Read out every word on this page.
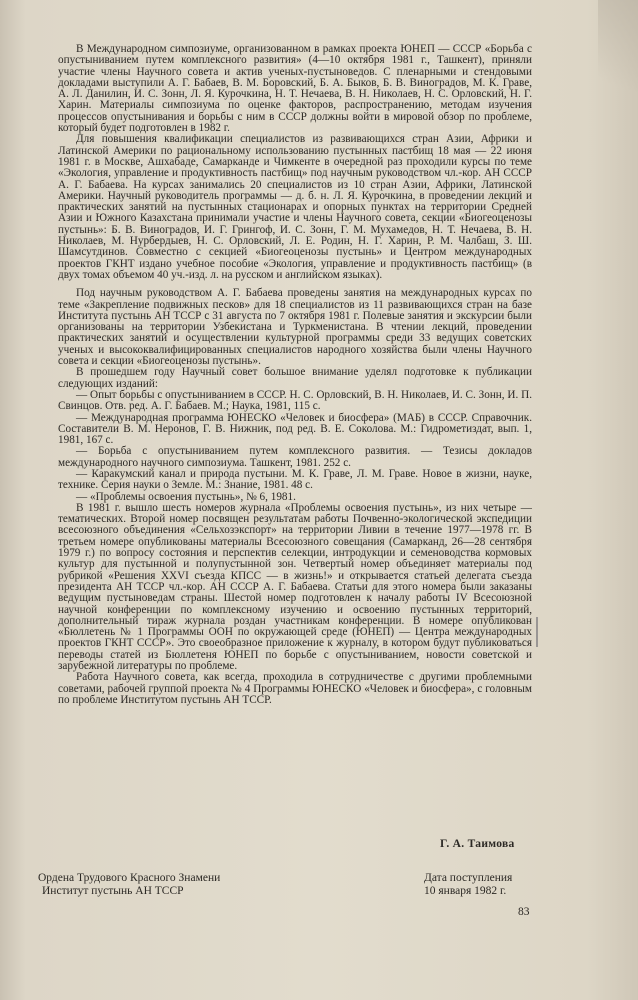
В Международном симпозиуме, организованном в рамках проекта ЮНЕП — СССР «Борьба с опустыниванием путем комплексного развития» (4—10 октября 1981 г., Ташкент), приняли участие члены Научного совета и актив ученых-пустыноведов. С пленарными и стендовыми докладами выступили А. Г. Бабаев, В. М. Боровский, Б. А. Быков, Б. В. Виноградов, М. К. Граве, А. Л. Данилин, И. С. Зонн, Л. Я. Курочкина, Н. Т. Нечаева, В. Н. Николаев, Н. С. Орловский, Н. Г. Харин. Материалы симпозиума по оценке факторов, распространению, методам изучения процессов опустынивания и борьбы с ним в СССР должны войти в мировой обзор по проблеме, который будет подготовлен в 1982 г.

Для повышения квалификации специалистов из развивающихся стран Азии, Африки и Латинской Америки по рациональному использованию пустынных пастбищ 18 мая — 22 июня 1981 г. в Москве, Ашхабаде, Самарканде и Чимкенте в очередной раз проходили курсы по теме «Экология, управление и продуктивность пастбищ» под научным руководством чл.-кор. АН СССР А. Г. Бабаева. На курсах занимались 20 специалистов из 10 стран Азии, Африки, Латинской Америки. Научный руководитель программы — д. б. н. Л. Я. Курочкина, в проведении лекций и практических занятий на пустынных стационарах и опорных пунктах на территории Средней Азии и Южного Казахстана принимали участие и члены Научного совета, секции «Биогеоценозы пустынь»: Б. В. Виноградов, И. Г. Грингоф, И. С. Зонн, Г. М. Мухамедов, Н. Т. Нечаева, В. Н. Николаев, М. Нурбердыев, Н. С. Орловский, Л. Е. Родин, Н. Г. Харин, Р. М. Чалбаш, З. Ш. Шамсутдинов. Совместно с секцией «Биогеоценозы пустынь» и Центром международных проектов ГКНТ издано учебное пособие «Экология, управление и продуктивность пастбищ» (в двух томах объемом 40 уч.-изд. л. на русском и английском языках).

Под научным руководством А. Г. Бабаева проведены занятия на международных курсах по теме «Закрепление подвижных песков» для 18 специалистов из 11 развивающихся стран на базе Института пустынь АН ТССР с 31 августа по 7 октября 1981 г. Полевые занятия и экскурсии были организованы на территории Узбекистана и Туркменистана. В чтении лекций, проведении практических занятий и осуществлении культурной программы среди 33 ведущих советских ученых и высококвалифицированных специалистов народного хозяйства были члены Научного совета и секции «Биогеоценозы пустынь».

В прошедшем году Научный совет большое внимание уделял подготовке к публикации следующих изданий:

— Опыт борьбы с опустыниванием в СССР. Н. С. Орловский, В. Н. Николаев, И. С. Зонн, И. П. Свинцов. Отв. ред. А. Г. Бабаев. М.; Наука, 1981, 115 с.
— Международная программа ЮНЕСКО «Человек и биосфера» (МАБ) в СССР. Справочник. Составители В. М. Неронов, Г. В. Нижник, под ред. В. Е. Соколова. М.: Гидрометиздат, вып. 1, 1981, 167 с.
— Борьба с опустыниванием путем комплексного развития. — Тезисы докладов международного научного симпозиума. Ташкент, 1981. 252 с.
— Каракумский канал и природа пустыни. М. К. Грaве, Л. М. Грaве. Новое в жизни, науке, технике. Серия науки о Земле. М.: Знание, 1981. 48 с.
— «Проблемы освоения пустынь», № 6, 1981.

В 1981 г. вышло шесть номеров журнала «Проблемы освоения пустынь», из них четыре — тематических. Второй номер посвящен результатам работы Почвенно-экологической экспедиции всесоюзного объединения «Сельхозэкспорт» на территории Ливии в течение 1977—1978 гг. В третьем номере опубликованы материалы Всесоюзного совещания (Самарканд, 26—28 сентября 1979 г.) по вопросу состояния и перспектив селекции, интродукции и семеноводства кормовых культур для пустынной и полупустынной зон. Четвертый номер объединяет материалы под рубрикой «Решения XXVI съезда КПСС — в жизнь!» и открывается статьей делегата съезда президента АН ТССР чл.-кор. АН СССР А. Г. Бабаева. Статьи для этого номера были заказаны ведущим пустыноведам страны. Шестой номер подготовлен к началу работы IV Всесоюзной научной конференции по комплексному изучению и освоению пустынных территорий, дополнительный тираж журнала роздан участникам конференции. В номере опубликован «Бюллетень № 1 Программы ООН по окружающей среде (ЮНЕП) — Центра международных проектов ГКНТ СССР». Это своеобразное приложение к журналу, в котором будут публиковаться переводы статей из Бюллетеня ЮНЕП по борьбе с опустыниванием, новости советской и зарубежной литературы по проблеме.

Работа Научного совета, как всегда, проходила в сотрудничестве с другими проблемными советами, рабочей группой проекта № 4 Программы ЮНЕСКО «Человек и биосфера», с головным по проблеме Институтом пустынь АН ТССР.

Г. А. Таимова
Ордена Трудового Красного Знамени
Институт пустынь АН ТССР
Дата поступления
10 января 1982 г.
83
